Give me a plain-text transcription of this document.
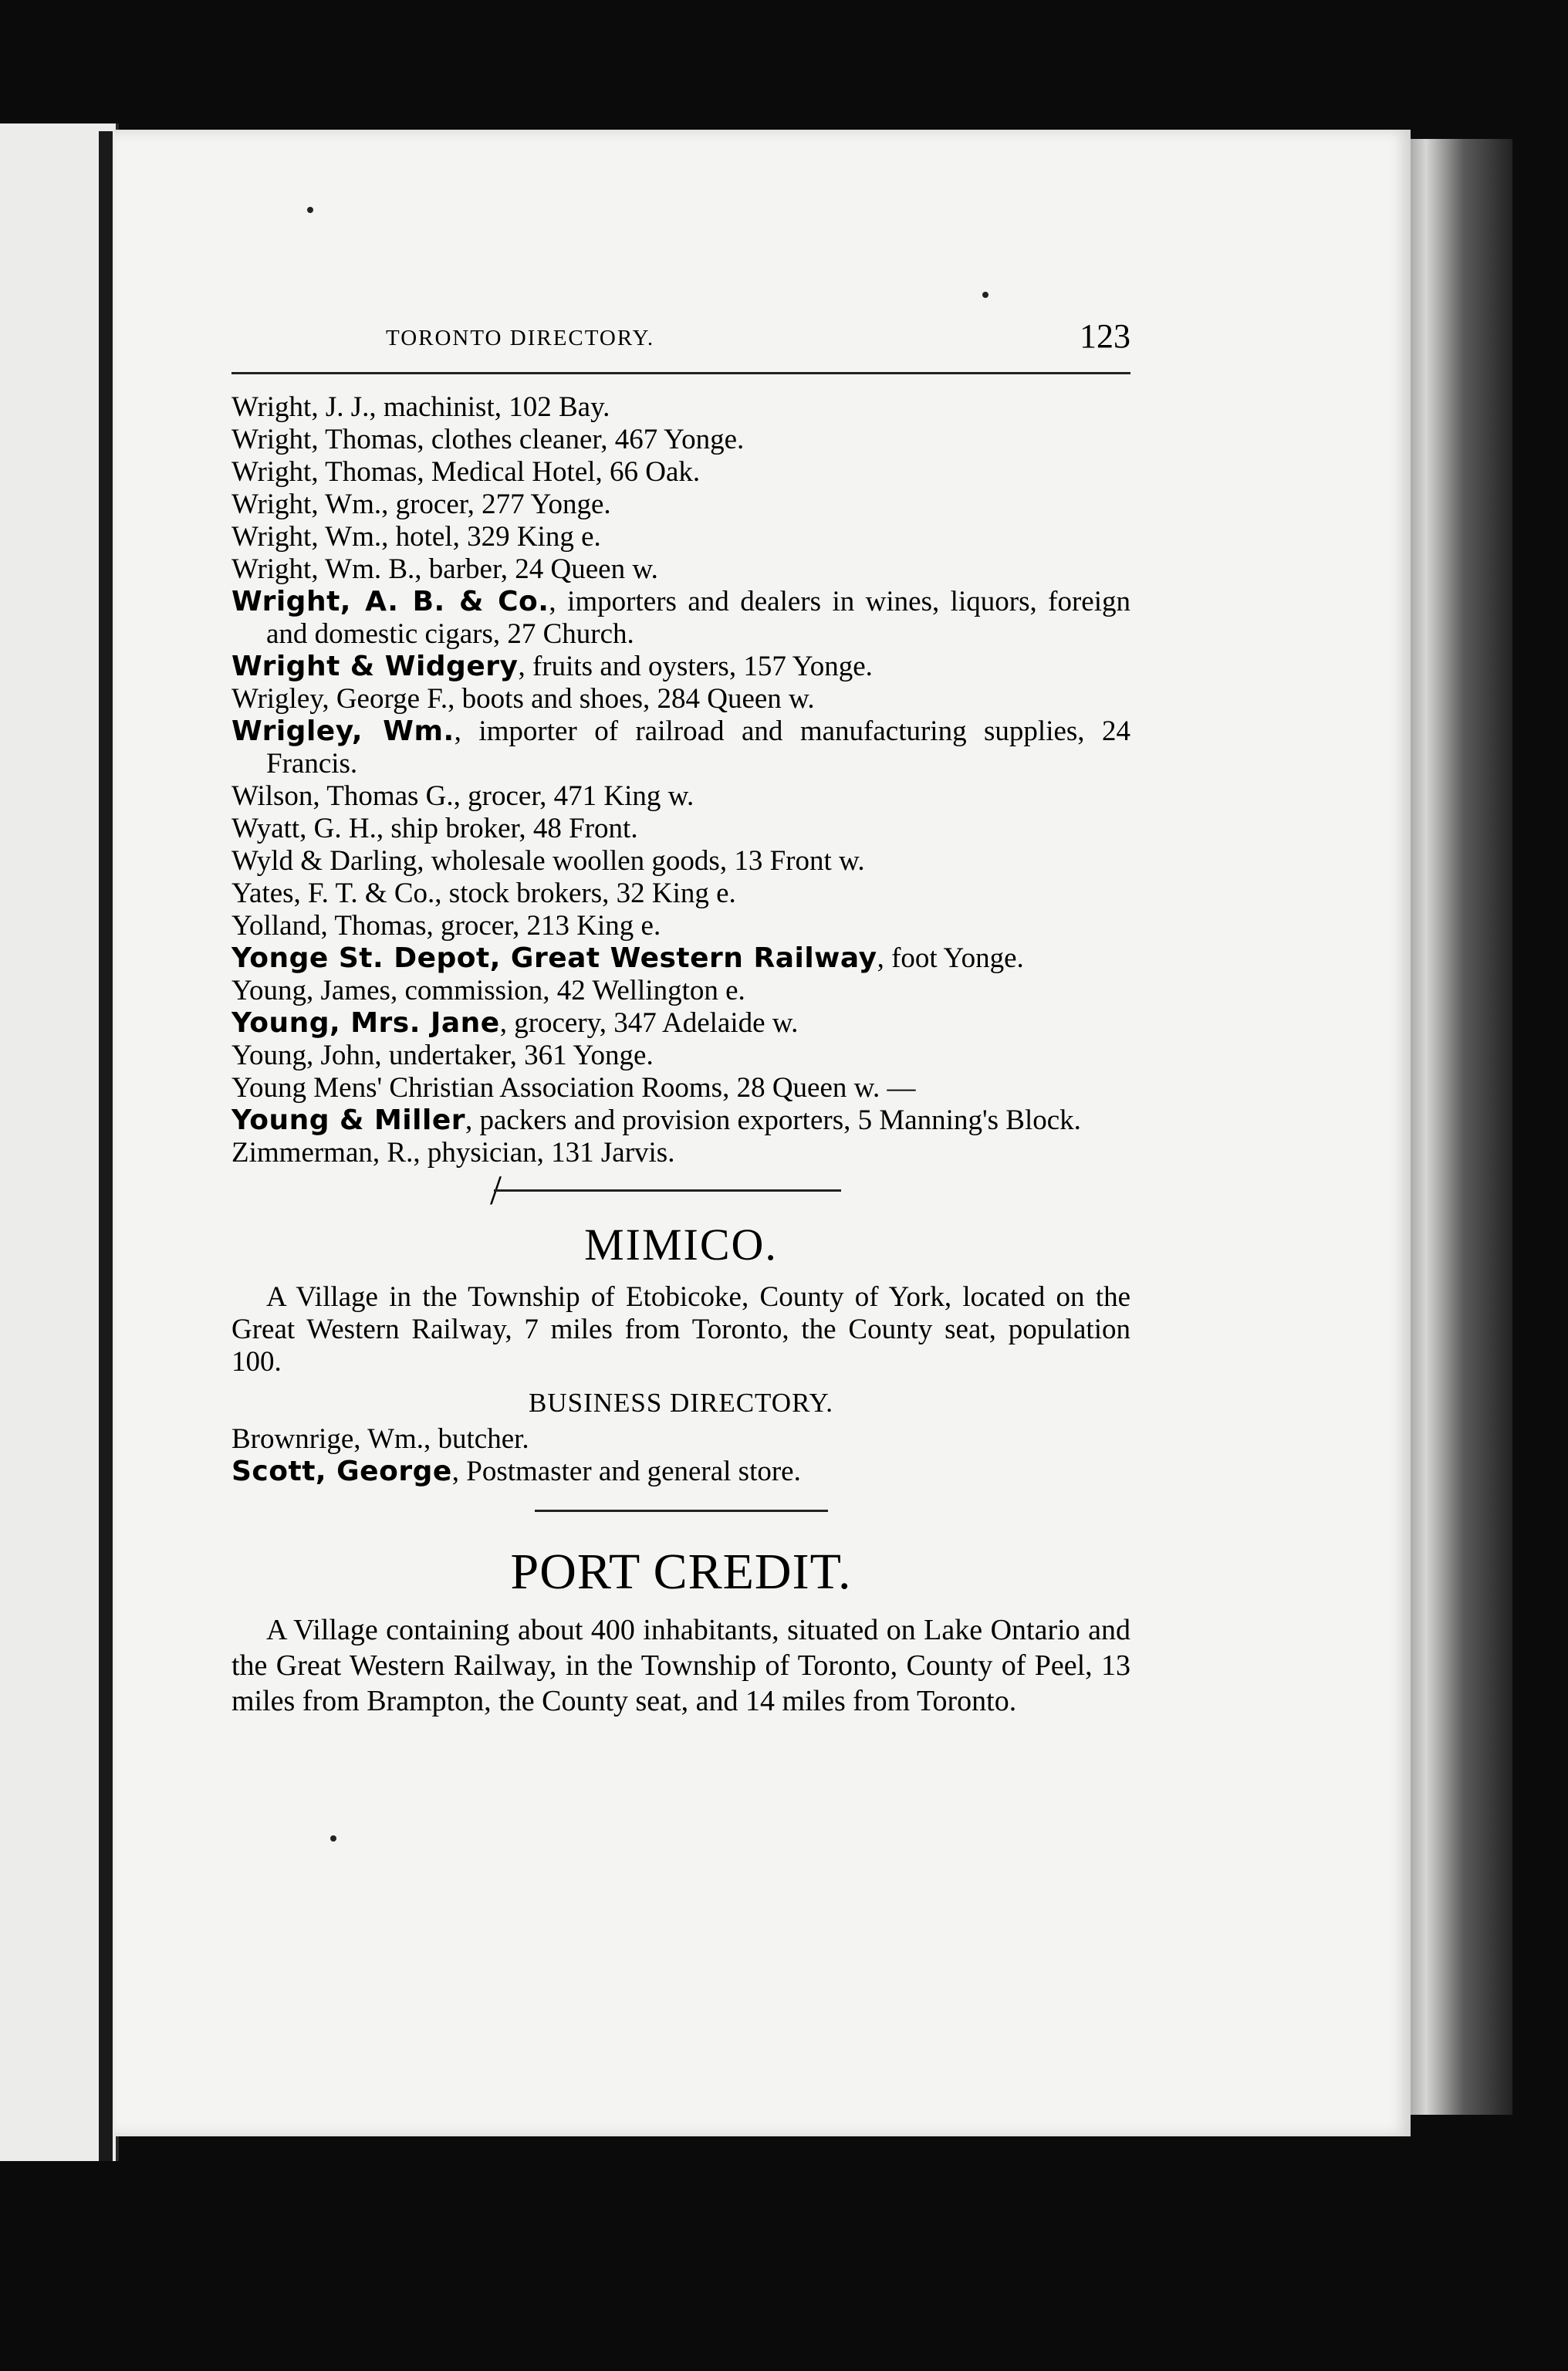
TORONTO DIRECTORY.	123
Wright, J. J., machinist, 102 Bay.
Wright, Thomas, clothes cleaner, 467 Yonge.
Wright, Thomas, Medical Hotel, 66 Oak.
Wright, Wm., grocer, 277 Yonge.
Wright, Wm., hotel, 329 King e.
Wright, Wm. B., barber, 24 Queen w.
Wright, A. B. & Co., importers and dealers in wines, liquors, foreign and domestic cigars, 27 Church.
Wright & Widgery, fruits and oysters, 157 Yonge.
Wrigley, George F., boots and shoes, 284 Queen w.
Wrigley, Wm., importer of railroad and manufacturing supplies, 24 Francis.
Wilson, Thomas G., grocer, 471 King w.
Wyatt, G. H., ship broker, 48 Front.
Wyld & Darling, wholesale woollen goods, 13 Front w.
Yates, F. T. & Co., stock brokers, 32 King e.
Yolland, Thomas, grocer, 213 King e.
Yonge St. Depot, Great Western Railway, foot Yonge.
Young, James, commission, 42 Wellington e.
Young, Mrs. Jane, grocery, 347 Adelaide w.
Young, John, undertaker, 361 Yonge.
Young Mens' Christian Association Rooms, 28 Queen w. —
Young & Miller, packers and provision exporters, 5 Manning's Block.
Zimmerman, R., physician, 131 Jarvis.
/
MIMICO.
A Village in the Township of Etobicoke, County of York, located on the Great Western Railway, 7 miles from Toronto, the County seat, population 100.
BUSINESS DIRECTORY.
Brownrige, Wm., butcher.
Scott, George, Postmaster and general store.
PORT CREDIT.
A Village containing about 400 inhabitants, situated on Lake Ontario and the Great Western Railway, in the Township of Toronto, County of Peel, 13 miles from Brampton, the County seat, and 14 miles from Toronto.
